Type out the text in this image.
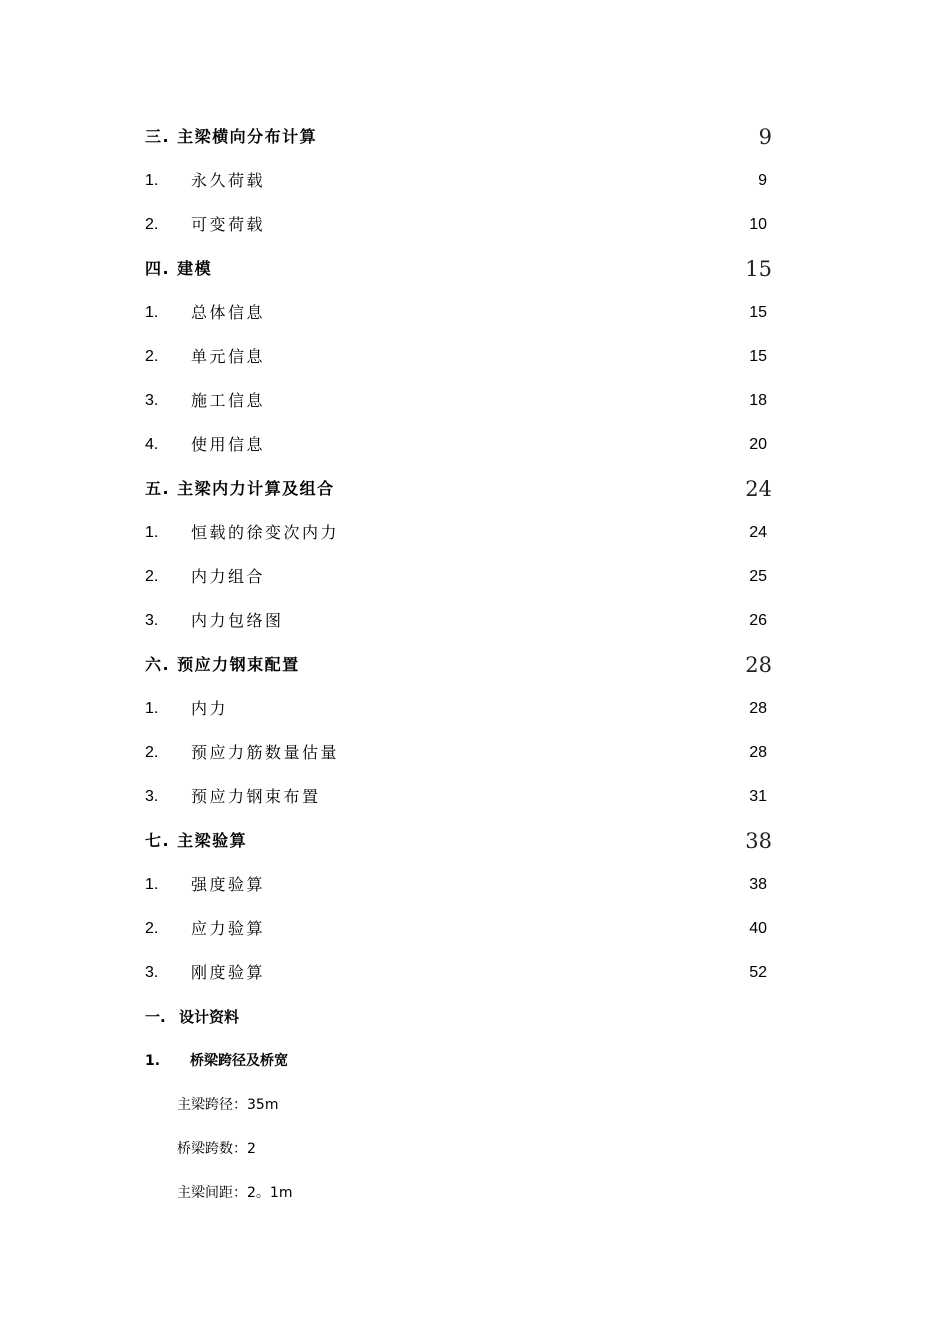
三. 主梁横向分布计算	9
1. 永久荷载	9
2. 可变荷载	10
四. 建模	15
1. 总体信息	15
2. 单元信息	15
3. 施工信息	18
4. 使用信息	20
五. 主梁内力计算及组合	24
1. 恒载的徐变次内力	24
2. 内力组合	25
3. 内力包络图	26
六. 预应力钢束配置	28
1. 内力	28
2. 预应力筋数量估量	28
3. 预应力钢束布置	31
七. 主梁验算	38
1. 强度验算	38
2. 应力验算	40
3. 刚度验算	52
一. 设计资料
1. 桥梁跨径及桥宽
主梁跨径：35m
桥梁跨数：2
主梁间距：2。1m
